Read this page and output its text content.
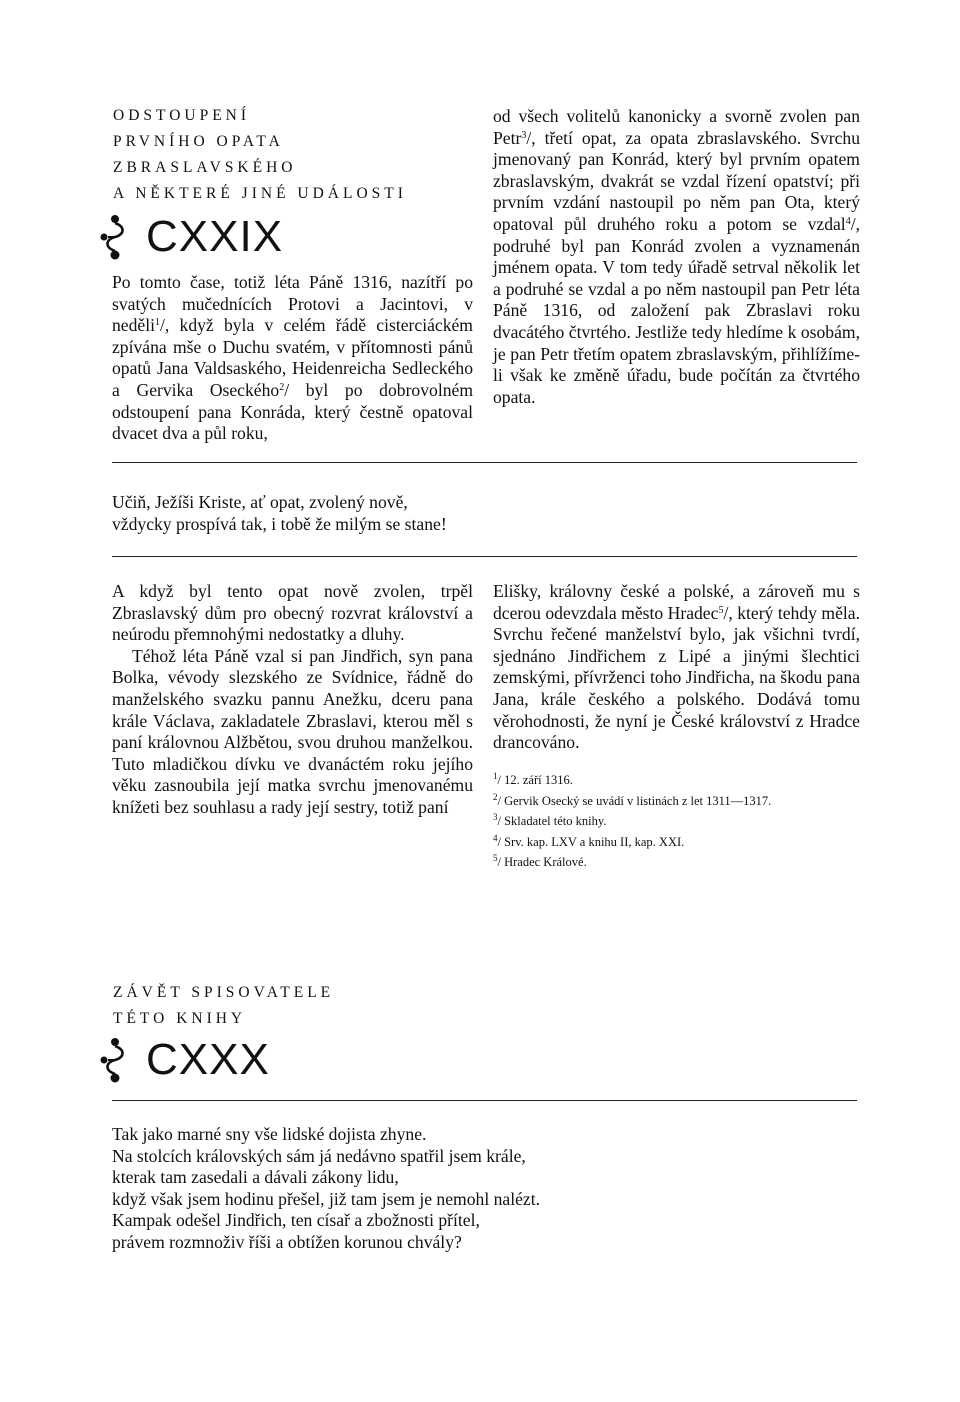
ODSTOUPENÍ
PRVNÍHO OPATA
ZBRASLAVSKÉHO
A NĚKTERÉ JINÉ UDÁLOSTI
CXXIX

Po tomto čase, totiž léta Páně 1316, nazítří po svatých mučednících Protovi a Jacintovi, v neděli$^1$/, když byla v celém řádě cisterciáckém zpívána mše o Duchu svatém, v přítomnosti pánů opatů Jana Valdsaského, Heidenreicha Sedleckého a Gervika Oseckého$^2$/ byl po dobrovolném odstoupení pana Konráda, který čestně opatoval dvacet dva a půl roku,

od všech volitelů kanonicky a svorně zvolen pan Petr$^3$/, třetí opat, za opata zbraslavského. Svrchu jmenovaný pan Konrád, který byl prvním opatem zbraslavským, dvakrát se vzdal řízení opatství; při prvním vzdání nastoupil po něm pan Ota, který opatoval půl druhého roku a potom se vzdal$^4$/, podruhé byl pan Konrád zvolen a vyznamenán jménem opata. V tom tedy úřadě setrval několik let a podruhé se vzdal a po něm nastoupil pan Petr léta Páně 1316, od založení pak Zbraslavi roku dvacátého čtvrtého. Jestliže tedy hledíme k osobám, je pan Petr třetím opatem zbraslavským, přihlížíme-li však ke změně úřadu, bude počítán za čtvrtého opata.

Učiň, Ježíši Kriste, ať opat, zvolený nově,
vždycky prospívá tak, i tobě že milým se stane!

A když byl tento opat nově zvolen, trpěl Zbraslavský dům pro obecný rozvrat království a neúrodu přemnohými nedostatky a dluhy.

Téhož léta Páně vzal si pan Jindřich, syn pana Bolka, vévody slezského ze Svídnice, řádně do manželského svazku pannu Anežku, dceru pana krále Václava, zakladatele Zbraslavi, kterou měl s paní královnou Alžbětou, svou druhou manželkou. Tuto mladičkou dívku ve dvanáctém roku jejího věku zasnoubila její matka svrchu jmenovanému knížeti bez souhlasu a rady její sestry, totiž paní

Elišky, královny české a polské, a zároveň mu s dcerou odevzdala město Hradec$^5$/, který tehdy měla. Svrchu řečené manželství bylo, jak všichni tvrdí, sjednáno Jindřichem z Lipé a jinými šlechtici zemskými, přívrženci toho Jindřicha, na škodu pana Jana, krále českého a polského. Dodává tomu věrohodnosti, že nyní je České království z Hradce drancováno.

$^1$/ 12. září 1316.
$^2$/ Gervik Osecký se uvádí v listinách z let 1311—1317.
$^3$/ Skladatel této knihy.
$^4$/ Srv. kap. LXV a knihu II, kap. XXI.
$^5$/ Hradec Králové.
ZÁVĚT SPISOVATELE
TÉTO KNIHY
CXXX
Tak jako marné sny vše lidské dojista zhyne.
Na stolcích královských sám já nedávno spatřil jsem krále,
kterak tam zasedali a dávali zákony lidu,
když však jsem hodinu přešel, již tam jsem je nemohl nalézt.
Kampak odešel Jindřich, ten císař a zbožnosti přítel,
právem rozmnoživ říši a obtížen korunou chvály?
